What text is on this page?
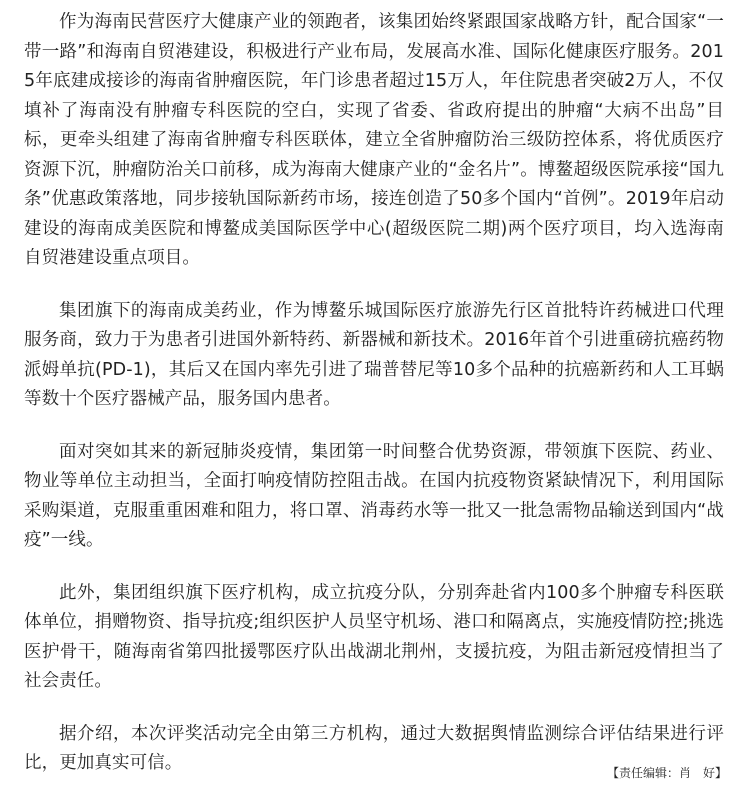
作为海南民营医疗大健康产业的领跑者，该集团始终紧跟国家战略方针，配合国家“一带一路”和海南自贸港建设，积极进行产业布局，发展高水准、国际化健康医疗服务。2015年底建成接诊的海南省肿瘤医院，年门诊患者超过15万人，年住院患者突破2万人，不仅填补了海南没有肿瘤专科医院的空白，实现了省委、省政府提出的肿瘤“大病不出岛”目标，更牵头组建了海南省肿瘤专科医联体，建立全省肿瘤防治三级防控体系，将优质医疗资源下沉，肿瘤防治关口前移，成为海南大健康产业的“金名片”。博鳌超级医院承接“国九条”优惠政策落地，同步接轨国际新药市场，接连创造了50多个国内“首例”。2019年启动建设的海南成美医院和博鳌成美国际医学中心(超级医院二期)两个医疗项目，均入选海南自贸港建设重点项目。

集团旗下的海南成美药业，作为博鳌乐城国际医疗旅游先行区首批特许药械进口代理服务商，致力于为患者引进国外新特药、新器械和新技术。2016年首个引进重磅抗癌药物派姆单抗(PD-1)，其后又在国内率先引进了瑞普替尼等10多个品种的抗癌新药和人工耳蜗等数十个医疗器械产品，服务国内患者。

面对突如其来的新冠肺炎疫情，集团第一时间整合优势资源，带领旗下医院、药业、物业等单位主动担当，全面打响疫情防控阻击战。在国内抗疫物资紧缺情况下，利用国际采购渠道，克服重重困难和阻力，将口罩、消毒药水等一批又一批急需物品输送到国内“战疫”一线。

此外，集团组织旗下医疗机构，成立抗疫分队，分别奔赴省内100多个肿瘤专科医联体单位，捐赠物资、指导抗疫;组织医护人员坚守机场、港口和隔离点，实施疫情防控;挑选医护骨干，随海南省第四批援鄂医疗队出战湖北荆州，支援抗疫，为阻击新冠疫情担当了社会责任。

据介绍，本次评奖活动完全由第三方机构，通过大数据舆情监测综合评估结果进行评比，更加真实可信。	【责任编辑：肖　好】
